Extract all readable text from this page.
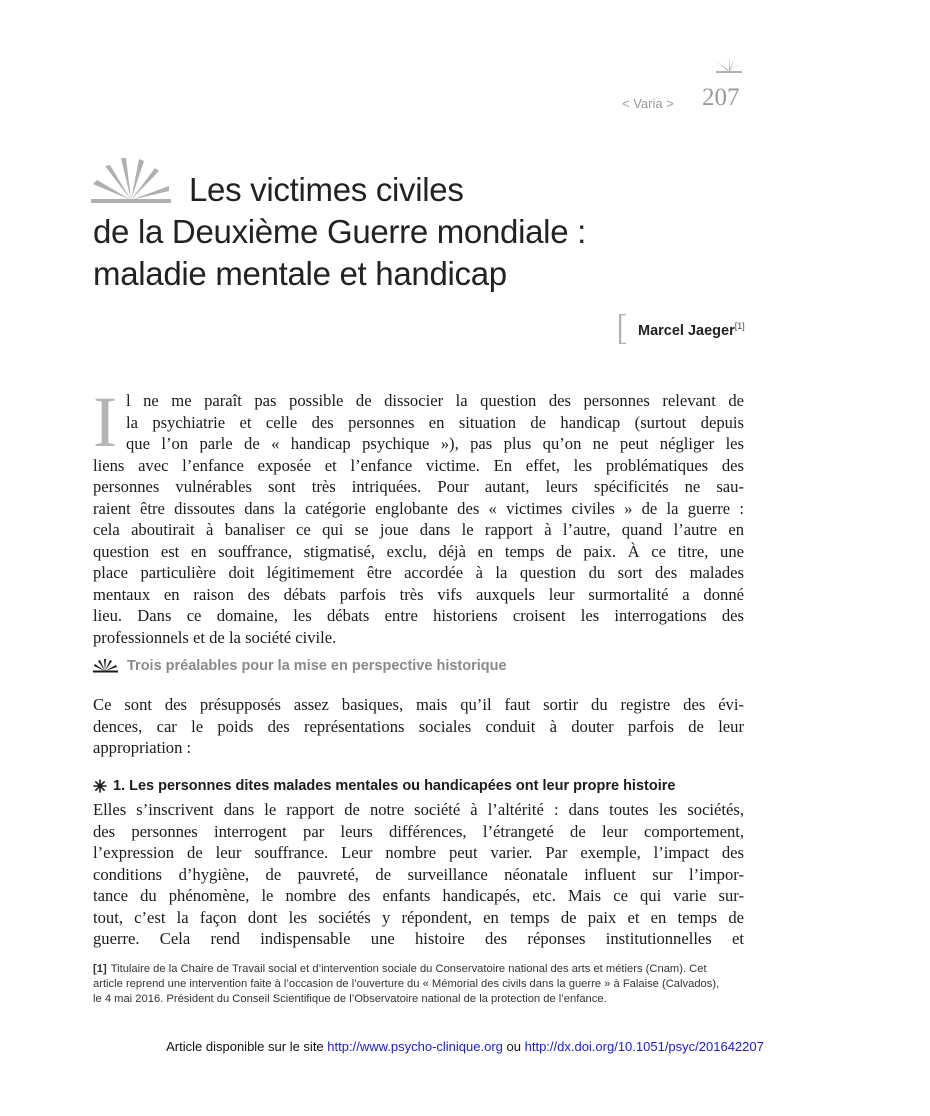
< Varia > 207
Les victimes civiles
de la Deuxième Guerre mondiale :
maladie mentale et handicap
Marcel Jaeger[1]
I l ne me paraît pas possible de dissocier la question des personnes relevant de
la psychiatrie et celle des personnes en situation de handicap (surtout depuis
que l’on parle de « handicap psychique »), pas plus qu’on ne peut négliger les
liens avec l’enfance exposée et l’enfance victime. En effet, les problématiques des
personnes vulnérables sont très intriquées. Pour autant, leurs spécificités ne sau-
raient être dissoutes dans la catégorie englobante des « victimes civiles » de la guerre :
cela aboutirait à banaliser ce qui se joue dans le rapport à l’autre, quand l’autre en
question est en souffrance, stigmatisé, exclu, déjà en temps de paix. À ce titre, une
place particulière doit légitimement être accordée à la question du sort des malades
mentaux en raison des débats parfois très vifs auxquels leur surmortalité a donné
lieu. Dans ce domaine, les débats entre historiens croisent les interrogations des
professionnels et de la société civile.
Trois préalables pour la mise en perspective historique
Ce sont des présupposés assez basiques, mais qu’il faut sortir du registre des évi-
dences, car le poids des représentations sociales conduit à douter parfois de leur
appropriation :
1. Les personnes dites malades mentales ou handicapées ont leur propre histoire
Elles s’inscrivent dans le rapport de notre société à l’altérité : dans toutes les sociétés,
des personnes interrogent par leurs différences, l’étrangeté de leur comportement,
l’expression de leur souffrance. Leur nombre peut varier. Par exemple, l’impact des
conditions d’hygiène, de pauvreté, de surveillance néonatale influent sur l’impor-
tance du phénomène, le nombre des enfants handicapés, etc. Mais ce qui varie sur-
tout, c’est la façon dont les sociétés y répondent, en temps de paix et en temps de
guerre. Cela rend indispensable une histoire des réponses institutionnelles et
[1] Titulaire de la Chaire de Travail social et d’intervention sociale du Conservatoire national des arts et métiers (Cnam). Cet
article reprend une intervention faite à l’occasion de l’ouverture du « Mémorial des civils dans la guerre » à Falaise (Calvados),
le 4 mai 2016. Président du Conseil Scientifique de l’Observatoire national de la protection de l’enfance.
Article disponible sur le site http://www.psycho-clinique.org ou http://dx.doi.org/10.1051/psyc/201642207
